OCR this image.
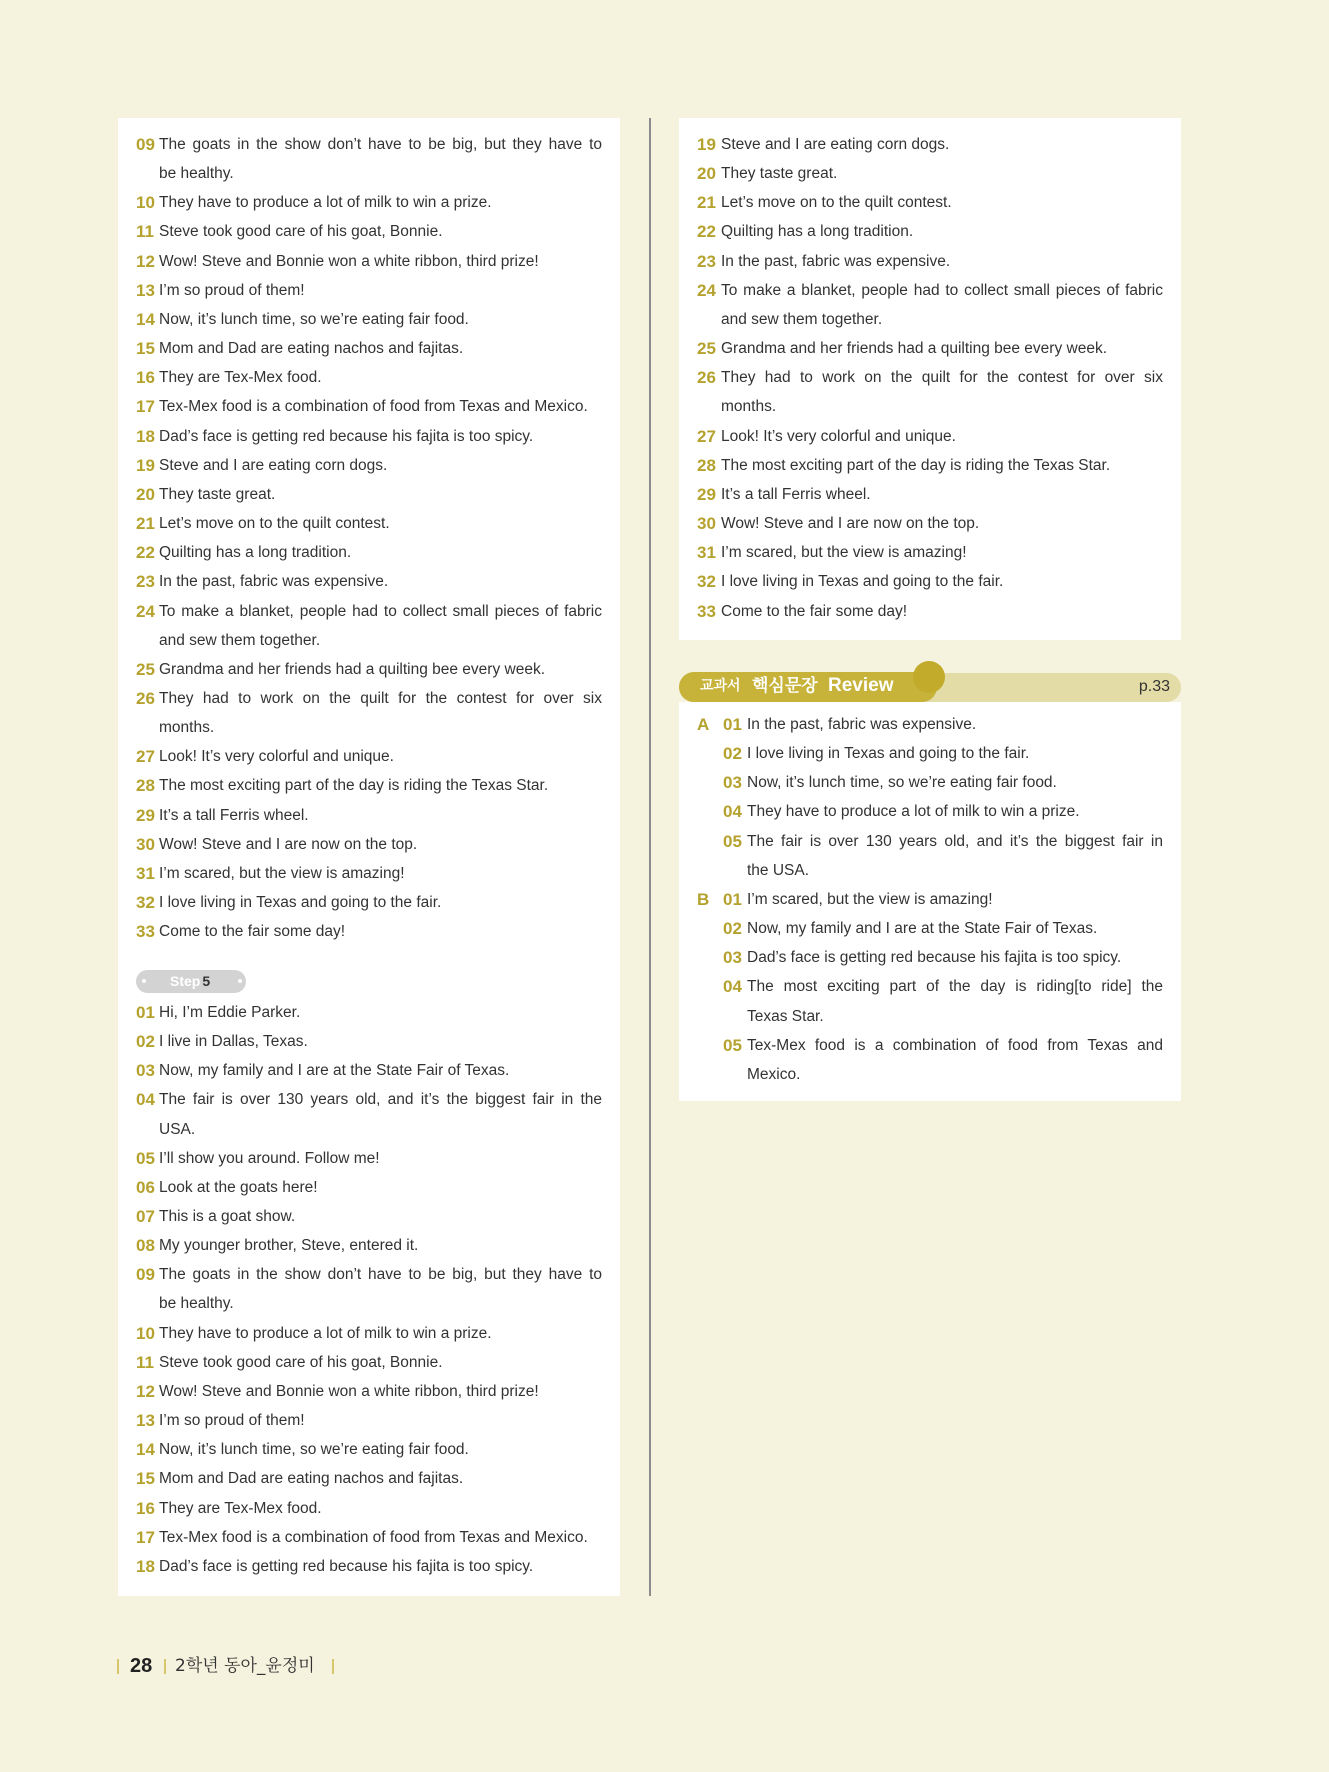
09 The goats in the show don’t have to be big, but they have to
be healthy.
10 They have to produce a lot of milk to win a prize.
11 Steve took good care of his goat, Bonnie.
12 Wow! Steve and Bonnie won a white ribbon, third prize!
13 I’m so proud of them!
14 Now, it’s lunch time, so we’re eating fair food.
15 Mom and Dad are eating nachos and fajitas.
16 They are Tex-Mex food.
17 Tex-Mex food is a combination of food from Texas and Mexico.
18 Dad’s face is getting red because his fajita is too spicy.
19 Steve and I are eating corn dogs.
20 They taste great.
21 Let’s move on to the quilt contest.
22 Quilting has a long tradition.
23 In the past, fabric was expensive.
24 To make a blanket, people had to collect small pieces of fabric
and sew them together.
25 Grandma and her friends had a quilting bee every week.
26 They had to work on the quilt for the contest for over six
months.
27 Look! It’s very colorful and unique.
28 The most exciting part of the day is riding the Texas Star.
29 It’s a tall Ferris wheel.
30 Wow! Steve and I are now on the top.
31 I’m scared, but the view is amazing!
32 I love living in Texas and going to the fair.
33 Come to the fair some day!
Step 5
01 Hi, I’m Eddie Parker.
02 I live in Dallas, Texas.
03 Now, my family and I are at the State Fair of Texas.
04 The fair is over 130 years old, and it’s the biggest fair in the
USA.
05 I’ll show you around. Follow me!
06 Look at the goats here!
07 This is a goat show.
08 My younger brother, Steve, entered it.
09 The goats in the show don’t have to be big, but they have to
be healthy.
10 They have to produce a lot of milk to win a prize.
11 Steve took good care of his goat, Bonnie.
12 Wow! Steve and Bonnie won a white ribbon, third prize!
13 I’m so proud of them!
14 Now, it’s lunch time, so we’re eating fair food.
15 Mom and Dad are eating nachos and fajitas.
16 They are Tex-Mex food.
17 Tex-Mex food is a combination of food from Texas and Mexico.
18 Dad’s face is getting red because his fajita is too spicy.
19 Steve and I are eating corn dogs.
20 They taste great.
21 Let’s move on to the quilt contest.
22 Quilting has a long tradition.
23 In the past, fabric was expensive.
24 To make a blanket, people had to collect small pieces of fabric
and sew them together.
25 Grandma and her friends had a quilting bee every week.
26 They had to work on the quilt for the contest for over six
months.
27 Look! It’s very colorful and unique.
28 The most exciting part of the day is riding the Texas Star.
29 It’s a tall Ferris wheel.
30 Wow! Steve and I are now on the top.
31 I’m scared, but the view is amazing!
32 I love living in Texas and going to the fair.
33 Come to the fair some day!
교과서 핵심문장 Review	p.33
A 01 In the past, fabric was expensive.
02 I love living in Texas and going to the fair.
03 Now, it’s lunch time, so we’re eating fair food.
04 They have to produce a lot of milk to win a prize.
05 The fair is over 130 years old, and it’s the biggest fair in
the USA.
B 01 I’m scared, but the view is amazing!
02 Now, my family and I are at the State Fair of Texas.
03 Dad’s face is getting red because his fajita is too spicy.
04 The most exciting part of the day is riding[to ride] the
Texas Star.
05 Tex-Mex food is a combination of food from Texas and
Mexico.
28 2학년 동아_윤정미
